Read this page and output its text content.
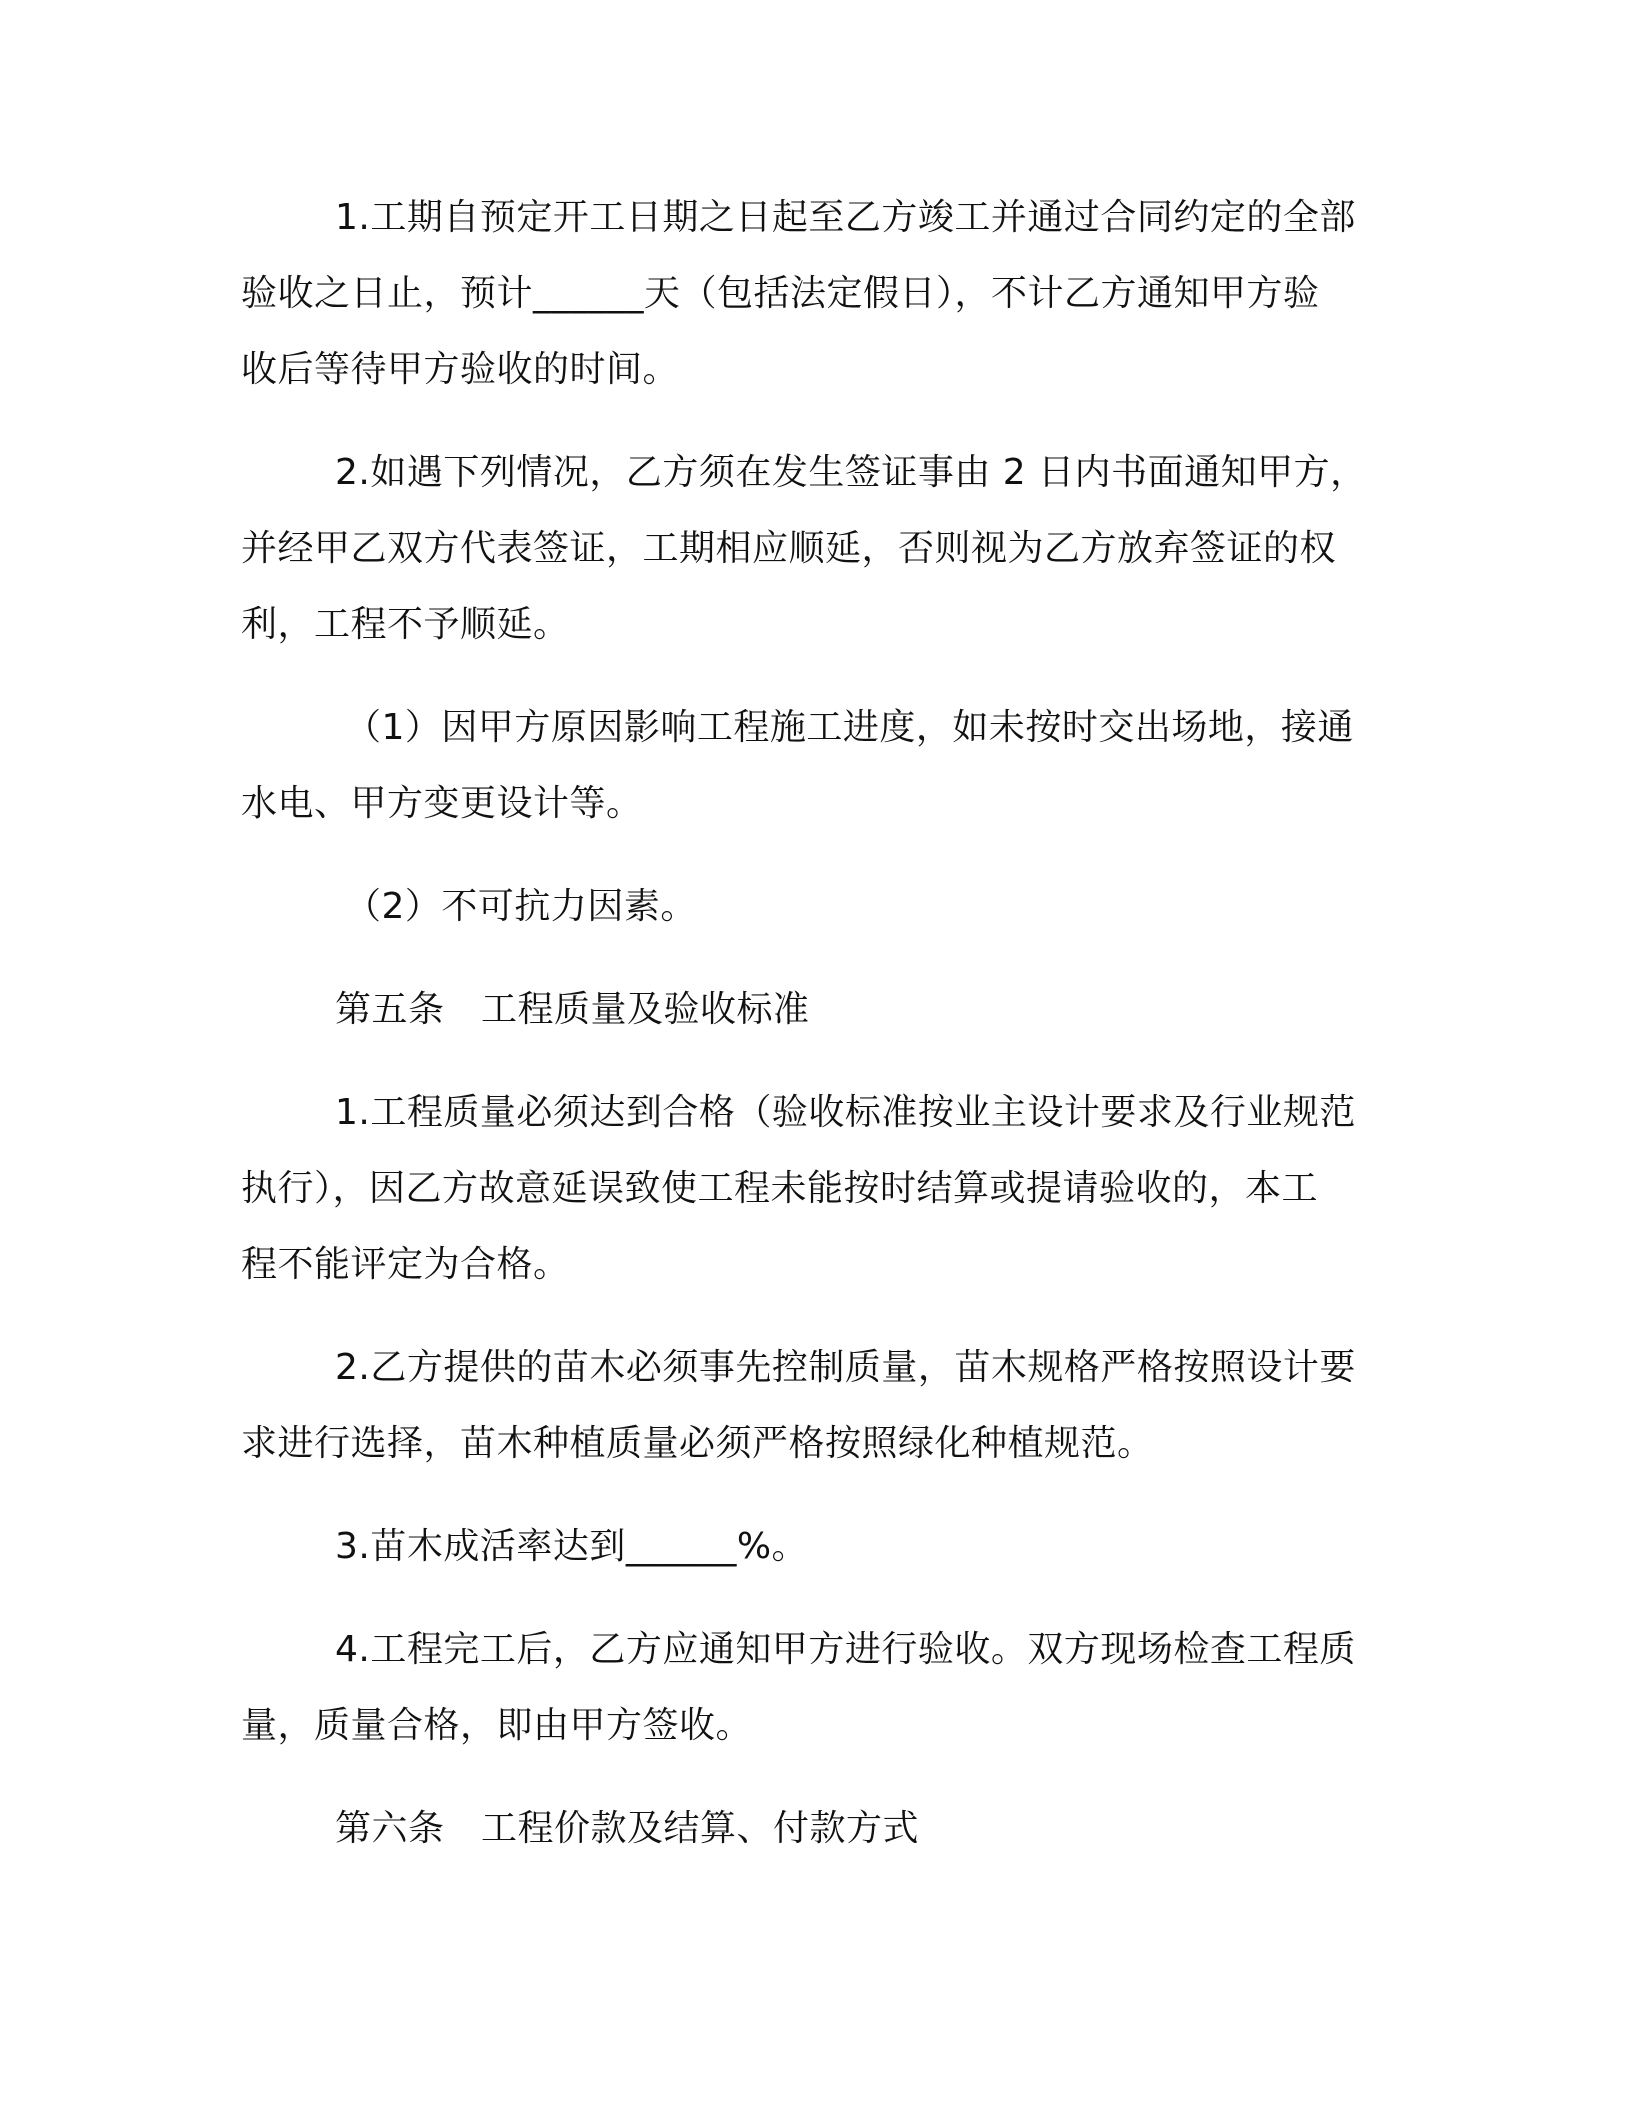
1.工期自预定开工日期之日起至乙方竣工并通过合同约定的全部
验收之日止，预计______天（包括法定假日），不计乙方通知甲方验
收后等待甲方验收的时间。
2.如遇下列情况，乙方须在发生签证事由 2 日内书面通知甲方，
并经甲乙双方代表签证，工期相应顺延，否则视为乙方放弃签证的权
利，工程不予顺延。
（1）因甲方原因影响工程施工进度，如未按时交出场地，接通
水电、甲方变更设计等。
（2）不可抗力因素。
第五条　工程质量及验收标准
1.工程质量必须达到合格（验收标准按业主设计要求及行业规范
执行），因乙方故意延误致使工程未能按时结算或提请验收的，本工
程不能评定为合格。
2.乙方提供的苗木必须事先控制质量，苗木规格严格按照设计要
求进行选择，苗木种植质量必须严格按照绿化种植规范。
3.苗木成活率达到______%。
4.工程完工后，乙方应通知甲方进行验收。双方现场检查工程质
量，质量合格，即由甲方签收。
第六条　工程价款及结算、付款方式
